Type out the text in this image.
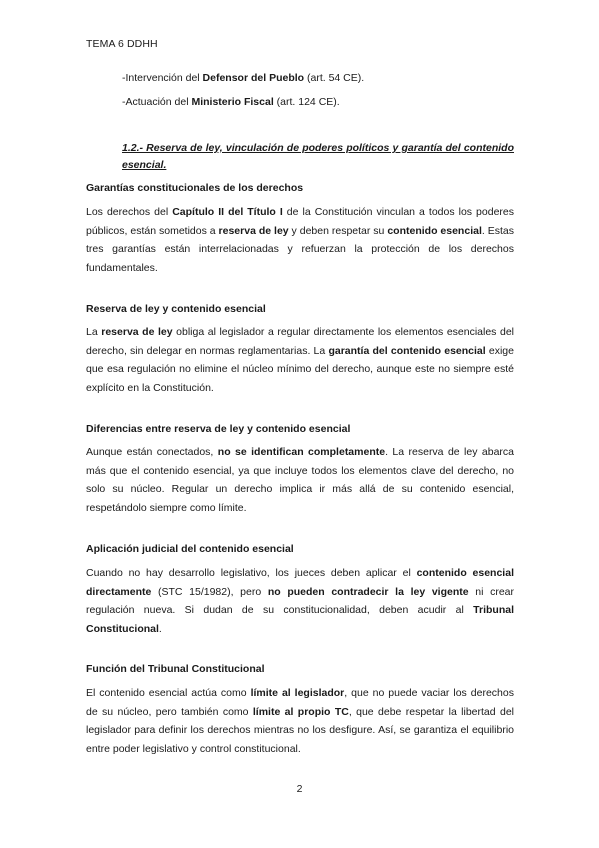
TEMA 6 DDHH
-Intervención del Defensor del Pueblo (art. 54 CE).
-Actuación del Ministerio Fiscal (art. 124 CE).
1.2.- Reserva de ley, vinculación de poderes políticos y garantía del contenido esencial.
Garantías constitucionales de los derechos
Los derechos del Capítulo II del Título I de la Constitución vinculan a todos los poderes públicos, están sometidos a reserva de ley y deben respetar su contenido esencial. Estas tres garantías están interrelacionadas y refuerzan la protección de los derechos fundamentales.
Reserva de ley y contenido esencial
La reserva de ley obliga al legislador a regular directamente los elementos esenciales del derecho, sin delegar en normas reglamentarias. La garantía del contenido esencial exige que esa regulación no elimine el núcleo mínimo del derecho, aunque este no siempre esté explícito en la Constitución.
Diferencias entre reserva de ley y contenido esencial
Aunque están conectados, no se identifican completamente. La reserva de ley abarca más que el contenido esencial, ya que incluye todos los elementos clave del derecho, no solo su núcleo. Regular un derecho implica ir más allá de su contenido esencial, respetándolo siempre como límite.
Aplicación judicial del contenido esencial
Cuando no hay desarrollo legislativo, los jueces deben aplicar el contenido esencial directamente (STC 15/1982), pero no pueden contradecir la ley vigente ni crear regulación nueva. Si dudan de su constitucionalidad, deben acudir al Tribunal Constitucional.
Función del Tribunal Constitucional
El contenido esencial actúa como límite al legislador, que no puede vaciar los derechos de su núcleo, pero también como límite al propio TC, que debe respetar la libertad del legislador para definir los derechos mientras no los desfigure. Así, se garantiza el equilibrio entre poder legislativo y control constitucional.
2
